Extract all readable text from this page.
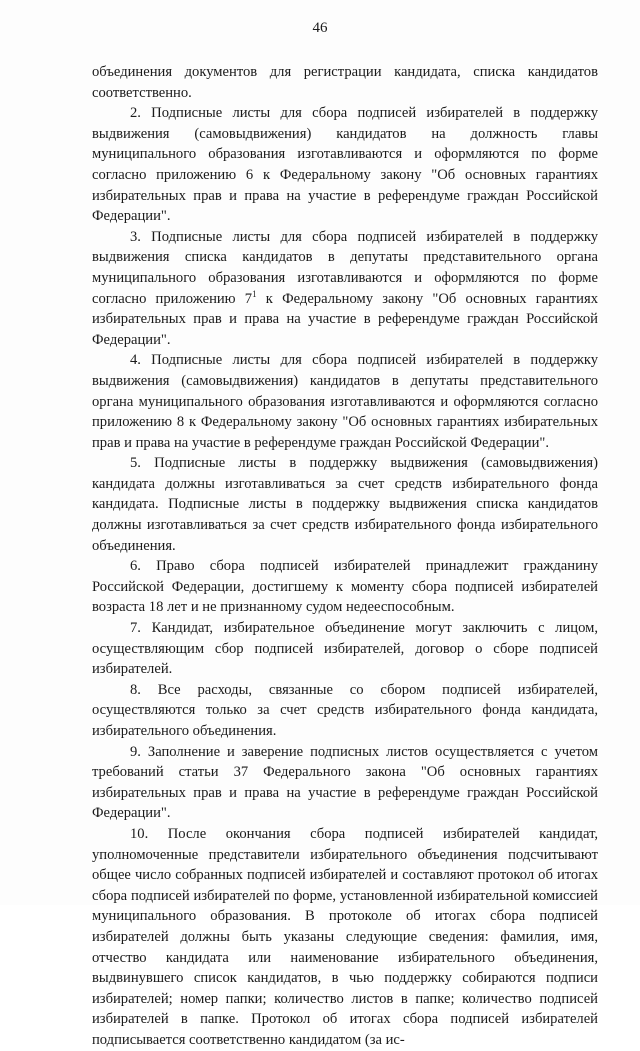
46

объединения документов для регистрации кандидата, списка кандидатов соответственно.

2. Подписные листы для сбора подписей избирателей в поддержку выдвижения (самовыдвижения) кандидатов на должность главы муниципального образования изготавливаются и оформляются по форме согласно приложению 6 к Федеральному закону "Об основных гарантиях избирательных прав и права на участие в референдуме граждан Российской Федерации".

3. Подписные листы для сбора подписей избирателей в поддержку выдвижения списка кандидатов в депутаты представительного органа муниципального образования изготавливаются и оформляются по форме согласно приложению $7^1$ к Федеральному закону "Об основных гарантиях избирательных прав и права на участие в референдуме граждан Российской Федерации".

4. Подписные листы для сбора подписей избирателей в поддержку выдвижения (самовыдвижения) кандидатов в депутаты представительного органа муниципального образования изготавливаются и оформляются согласно приложению 8 к Федеральному закону "Об основных гарантиях избирательных прав и права на участие в референдуме граждан Российской Федерации".

5. Подписные листы в поддержку выдвижения (самовыдвижения) кандидата должны изготавливаться за счет средств избирательного фонда кандидата. Подписные листы в поддержку выдвижения списка кандидатов должны изготавливаться за счет средств избирательного фонда избирательного объединения.

6. Право сбора подписей избирателей принадлежит гражданину Российской Федерации, достигшему к моменту сбора подписей избирателей возраста 18 лет и не признанному судом недееспособным.

7. Кандидат, избирательное объединение могут заключить с лицом, осуществляющим сбор подписей избирателей, договор о сборе подписей избирателей.

8. Все расходы, связанные со сбором подписей избирателей, осуществляются только за счет средств избирательного фонда кандидата, избирательного объединения.

9. Заполнение и заверение подписных листов осуществляется с учетом требований статьи 37 Федерального закона "Об основных гарантиях избирательных прав и права на участие в референдуме граждан Российской Федерации".

10. После окончания сбора подписей избирателей кандидат, уполномоченные представители избирательного объединения подсчитывают общее число собранных подписей избирателей и составляют протокол об итогах сбора подписей избирателей по форме, установленной избирательной комиссией муниципального образования. В протоколе об итогах сбора подписей избирателей должны быть указаны следующие сведения: фамилия, имя, отчество кандидата или наименование избирательного объединения, выдвинувшего список кандидатов, в чью поддержку собираются подписи избирателей; номер папки; количество листов в папке; количество подписей избирателей в папке. Протокол об итогах сбора подписей избирателей подписывается соответственно кандидатом (за ис-
